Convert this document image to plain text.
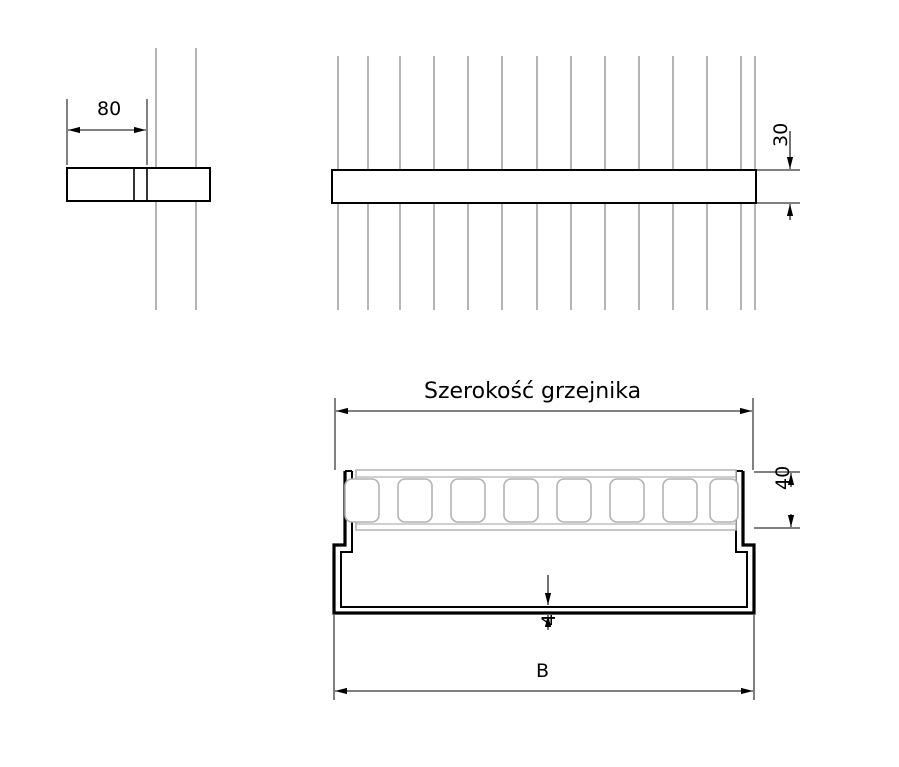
80
30
Szerokość grzejnika
40
4
B
